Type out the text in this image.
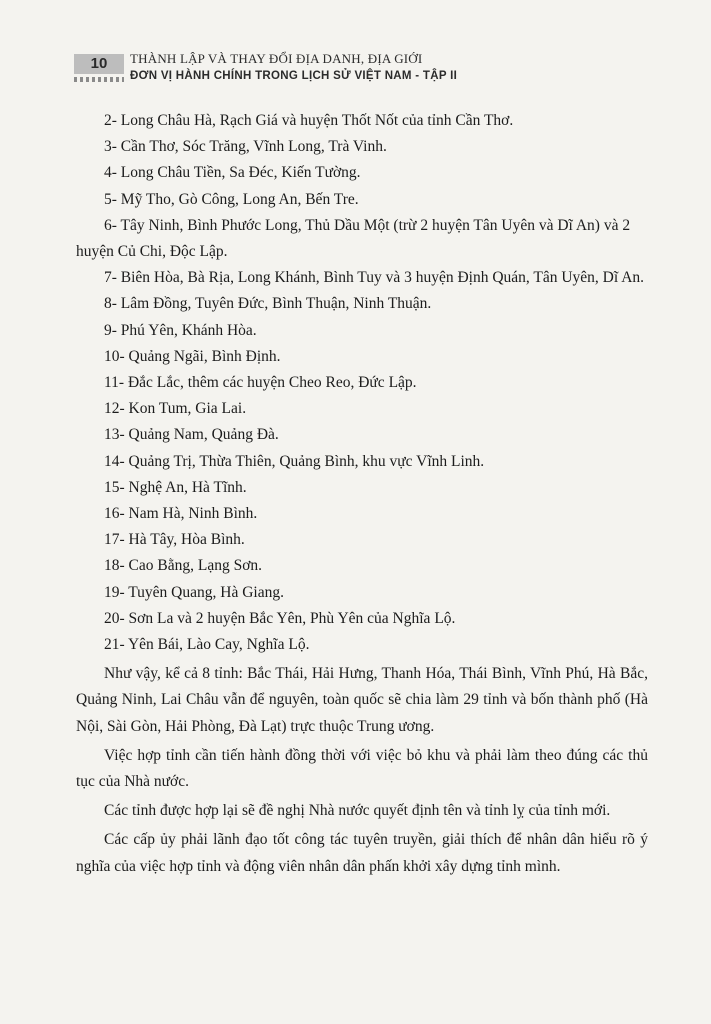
10	THÀNH LẬP VÀ THAY ĐỔI ĐỊA DANH, ĐỊA GIỚI
ĐƠN VỊ HÀNH CHÍNH TRONG LỊCH SỬ VIỆT NAM - TẬP II

2- Long Châu Hà, Rạch Giá và huyện Thốt Nốt của tỉnh Cần Thơ.

3- Cần Thơ, Sóc Trăng, Vĩnh Long, Trà Vinh.

4- Long Châu Tiền, Sa Đéc, Kiến Tường.

5- Mỹ Tho, Gò Công, Long An, Bến Tre.

6- Tây Ninh, Bình Phước Long, Thủ Dầu Một (trừ 2 huyện Tân Uyên và Dĩ An) và 2 huyện Củ Chi, Độc Lập.

7- Biên Hòa, Bà Rịa, Long Khánh, Bình Tuy và 3 huyện Định Quán, Tân Uyên, Dĩ An.

8- Lâm Đồng, Tuyên Đức, Bình Thuận, Ninh Thuận.

9- Phú Yên, Khánh Hòa.

10- Quảng Ngãi, Bình Định.

11- Đắc Lắc, thêm các huyện Cheo Reo, Đức Lập.

12- Kon Tum, Gia Lai.

13- Quảng Nam, Quảng Đà.

14- Quảng Trị, Thừa Thiên, Quảng Bình, khu vực Vĩnh Linh.

15- Nghệ An, Hà Tĩnh.

16- Nam Hà, Ninh Bình.

17- Hà Tây, Hòa Bình.

18- Cao Bằng, Lạng Sơn.

19- Tuyên Quang, Hà Giang.

20- Sơn La và 2 huyện Bắc Yên, Phù Yên của Nghĩa Lộ.

21- Yên Bái, Lào Cay, Nghĩa Lộ.

Như vậy, kể cả 8 tỉnh: Bắc Thái, Hải Hưng, Thanh Hóa, Thái Bình, Vĩnh Phú, Hà Bắc, Quảng Ninh, Lai Châu vẫn để nguyên, toàn quốc sẽ chia làm 29 tỉnh và bốn thành phố (Hà Nội, Sài Gòn, Hải Phòng, Đà Lạt) trực thuộc Trung ương.

Việc hợp tỉnh cần tiến hành đồng thời với việc bỏ khu và phải làm theo đúng các thủ tục của Nhà nước.

Các tỉnh được hợp lại sẽ đề nghị Nhà nước quyết định tên và tỉnh lỵ của tỉnh mới.

Các cấp ủy phải lãnh đạo tốt công tác tuyên truyền, giải thích để nhân dân hiểu rõ ý nghĩa của việc hợp tỉnh và động viên nhân dân phấn khởi xây dựng tỉnh mình.
